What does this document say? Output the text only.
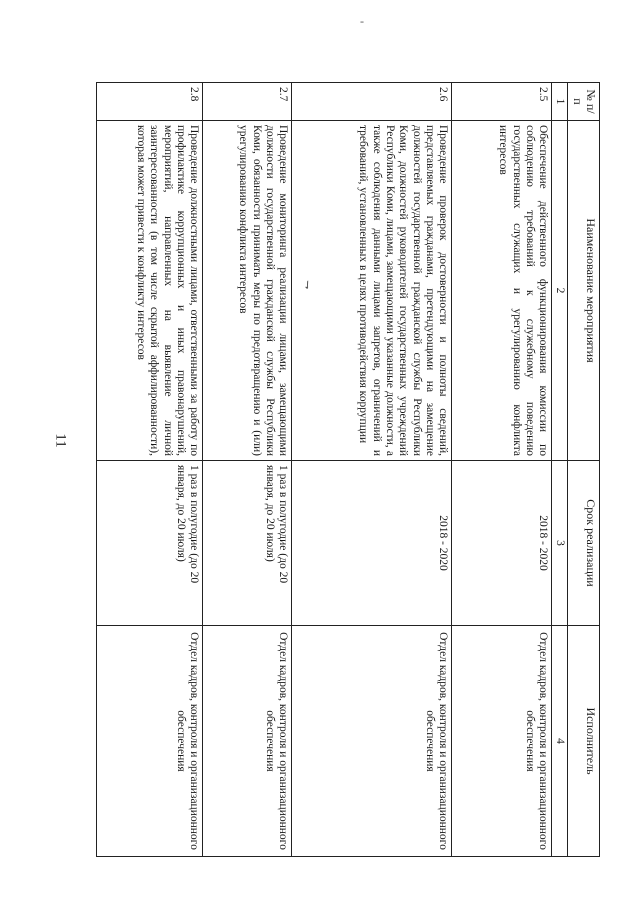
11
-
✓
№ п/п	Наименование мероприятия	Срок реализации	Исполнитель
1	2	3	4
2.5	Обеспечение действенного функционирования комиссии по соблюдению требований к служебному поведению государственных служащих и урегулированию конфликта интересов	2018 - 2020	Отдел кадров, контроля и организационного обеспечения
2.6	Проведение проверок достоверности и полноты сведений, представляемых гражданами, претендующими на замещение должностей государственной гражданской службы Республики Коми, должностей руководителей государственных учреждений Республики Коми, лицами, замещающими указанные должности, а также соблюдения данными лицами запретов, ограничений и требований, установленных в целях противодействия коррупции	2018 - 2020	Отдел кадров, контроля и организационного обеспечения
2.7	Проведение мониторинга реализации лицами, замещающими должности государственной гражданской службы Республики Коми, обязанности принимать меры по предотвращению и (или) урегулированию конфликта интересов	1 раз в полугодие (до 20 января, до 20 июля)	Отдел кадров, контроля и организационного обеспечения
2.8	Проведение должностными лицами, ответственными за работу по профилактике коррупционных и иных правонарушений, мероприятий, направленных на выявление личной заинтересованности (в том числе скрытой аффилированности), которая может привести к конфликту интересов	1 раз в полугодие (до 20 января, до 20 июля)	Отдел кадров, контроля и организационного обеспечения
